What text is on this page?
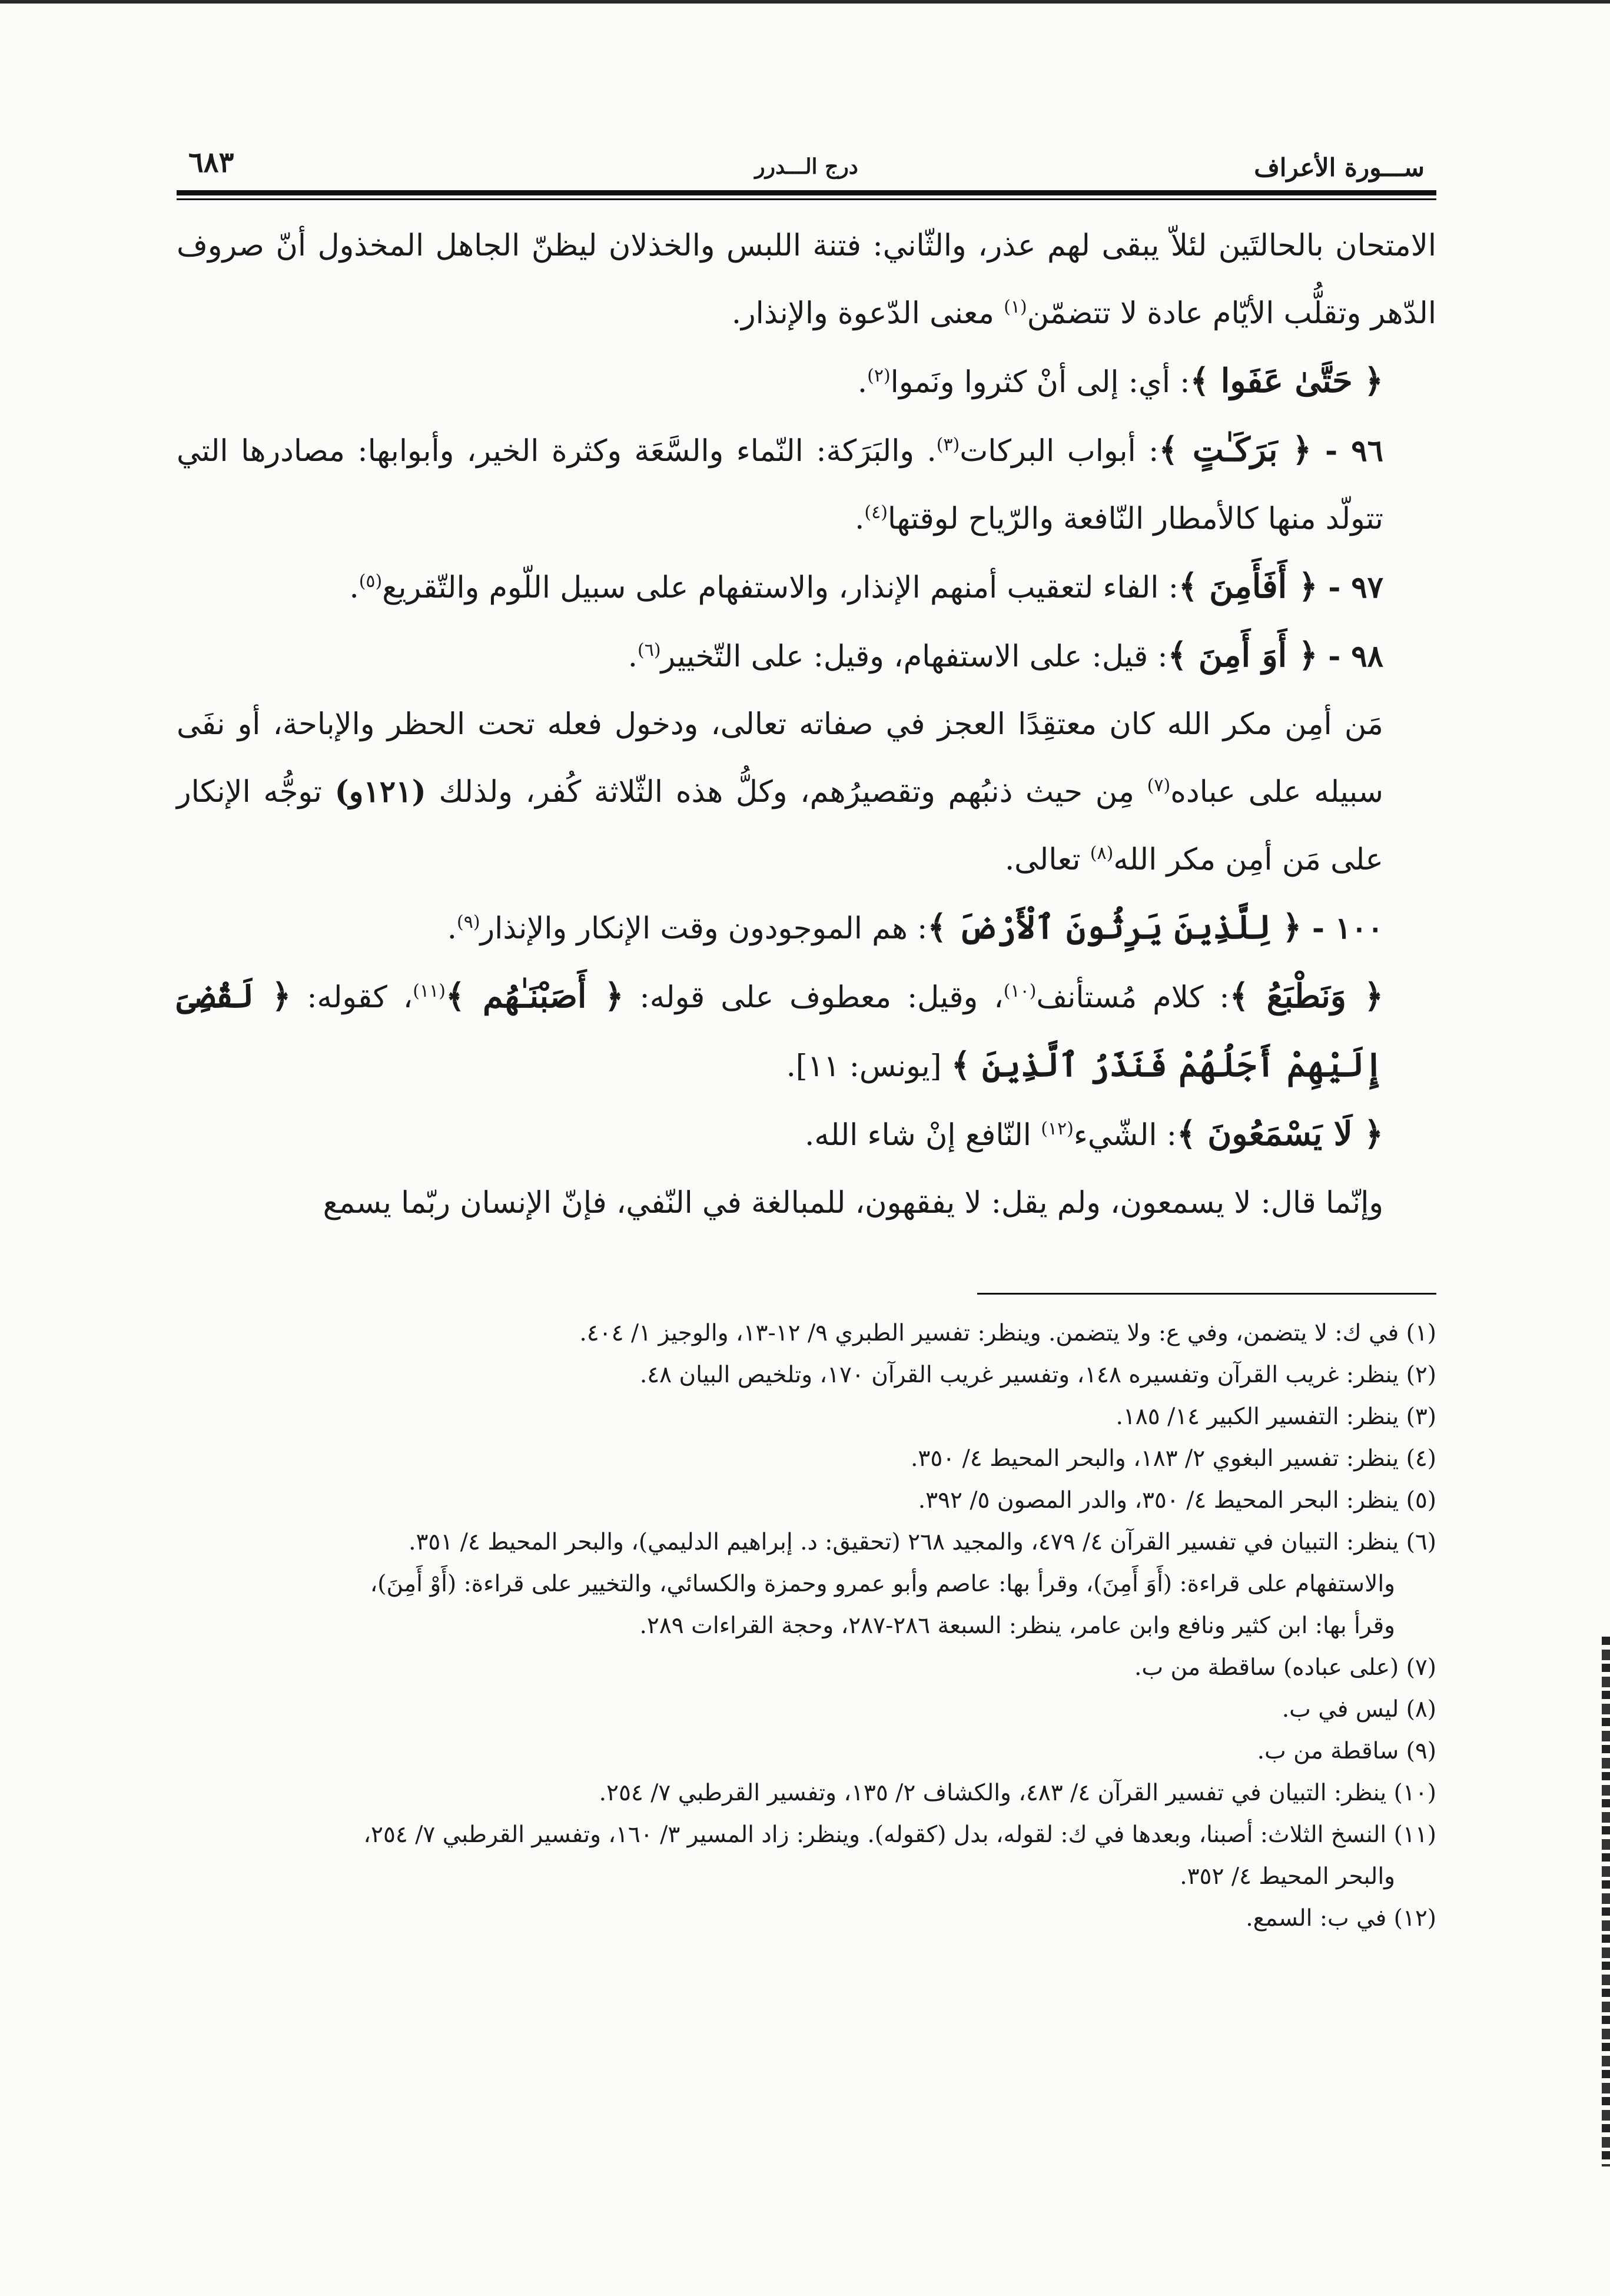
ســـورة الأعراف
درج الـــدرر
٦٨٣

الامتحان بالحالتَين لئلاّ يبقى لهم عذر، والثّاني: فتنة اللبس والخذلان ليظنّ الجاهل المخذول أنّ صروف الدّهر وتقلُّب الأيّام عادة لا تتضمّن$^{(١)}$ معنى الدّعوة والإنذار.

﴿ حَتَّىٰ عَفَوا ﴾: أي: إلى أنْ كثروا ونَموا$^{(٢)}$.

٩٦ - ﴿ بَرَكَـٰتٍ ﴾: أبواب البركات$^{(٣)}$. والبَرَكة: النّماء والسَّعَة وكثرة الخير، وأبوابها: مصادرها التي تتولّد منها كالأمطار النّافعة والرّياح لوقتها$^{(٤)}$.

٩٧ - ﴿ أَفَأَمِنَ ﴾: الفاء لتعقيب أمنهم الإنذار، والاستفهام على سبيل اللّوم والتّقريع$^{(٥)}$.

٩٨ - ﴿ أَوَ أَمِنَ ﴾: قيل: على الاستفهام، وقيل: على التّخيير$^{(٦)}$.

مَن أمِن مكر الله كان معتقِدًا العجز في صفاته تعالى، ودخول فعله تحت الحظر والإباحة، أو نفَى سبيله على عباده$^{(٧)}$ مِن حيث ذنبُهم وتقصيرُهم، وكلُّ هذه الثّلاثة كُفر، ولذلك (١٢١و) توجُّه الإنكار على مَن أمِن مكر الله$^{(٨)}$ تعالى.

١٠٠ - ﴿ لِلَّذِينَ يَرِثُونَ ٱلْأَرْضَ ﴾: هم الموجودون وقت الإنكار والإنذار$^{(٩)}$.

﴿ وَنَطْبَعُ ﴾: كلام مُستأنف$^{(١٠)}$، وقيل: معطوف على قوله: ﴿ أَصَبْنَـٰهُم ﴾$^{(١١)}$، كقوله: ﴿ لَقُضِىَ إِلَيْهِمْ أَجَلُهُمْ فَنَذَرُ ٱلَّذِينَ ﴾ [يونس: ١١].

﴿ لَا يَسْمَعُونَ ﴾: الشّيء$^{(١٢)}$ النّافع إنْ شاء الله.

وإنّما قال: لا يسمعون، ولم يقل: لا يفقهون، للمبالغة في النّفي، فإنّ الإنسان ربّما يسمع

(١) في ك: لا يتضمن، وفي ع: ولا يتضمن. وينظر: تفسير الطبري ٩/ ١٢-١٣، والوجيز ١/ ٤٠٤.
(٢) ينظر: غريب القرآن وتفسيره ١٤٨، وتفسير غريب القرآن ١٧٠، وتلخيص البيان ٤٨.
(٣) ينظر: التفسير الكبير ١٤/ ١٨٥.
(٤) ينظر: تفسير البغوي ٢/ ١٨٣، والبحر المحيط ٤/ ٣٥٠.
(٥) ينظر: البحر المحيط ٤/ ٣٥٠، والدر المصون ٥/ ٣٩٢.
(٦) ينظر: التبيان في تفسير القرآن ٤/ ٤٧٩، والمجيد ٢٦٨ (تحقيق: د. إبراهيم الدليمي)، والبحر المحيط ٤/ ٣٥١.
والاستفهام على قراءة: (أَوَ أَمِنَ)، وقرأ بها: عاصم وأبو عمرو وحمزة والكسائي، والتخيير على قراءة: (أَوْ أَمِنَ)،
وقرأ بها: ابن كثير ونافع وابن عامر، ينظر: السبعة ٢٨٦-٢٨٧، وحجة القراءات ٢٨٩.
(٧) (على عباده) ساقطة من ب.
(٨) ليس في ب.
(٩) ساقطة من ب.
(١٠) ينظر: التبيان في تفسير القرآن ٤/ ٤٨٣، والكشاف ٢/ ١٣٥، وتفسير القرطبي ٧/ ٢٥٤.
(١١) النسخ الثلاث: أصبنا، وبعدها في ك: لقوله، بدل (كقوله). وينظر: زاد المسير ٣/ ١٦٠، وتفسير القرطبي ٧/ ٢٥٤،
والبحر المحيط ٤/ ٣٥٢.
(١٢) في ب: السمع.
